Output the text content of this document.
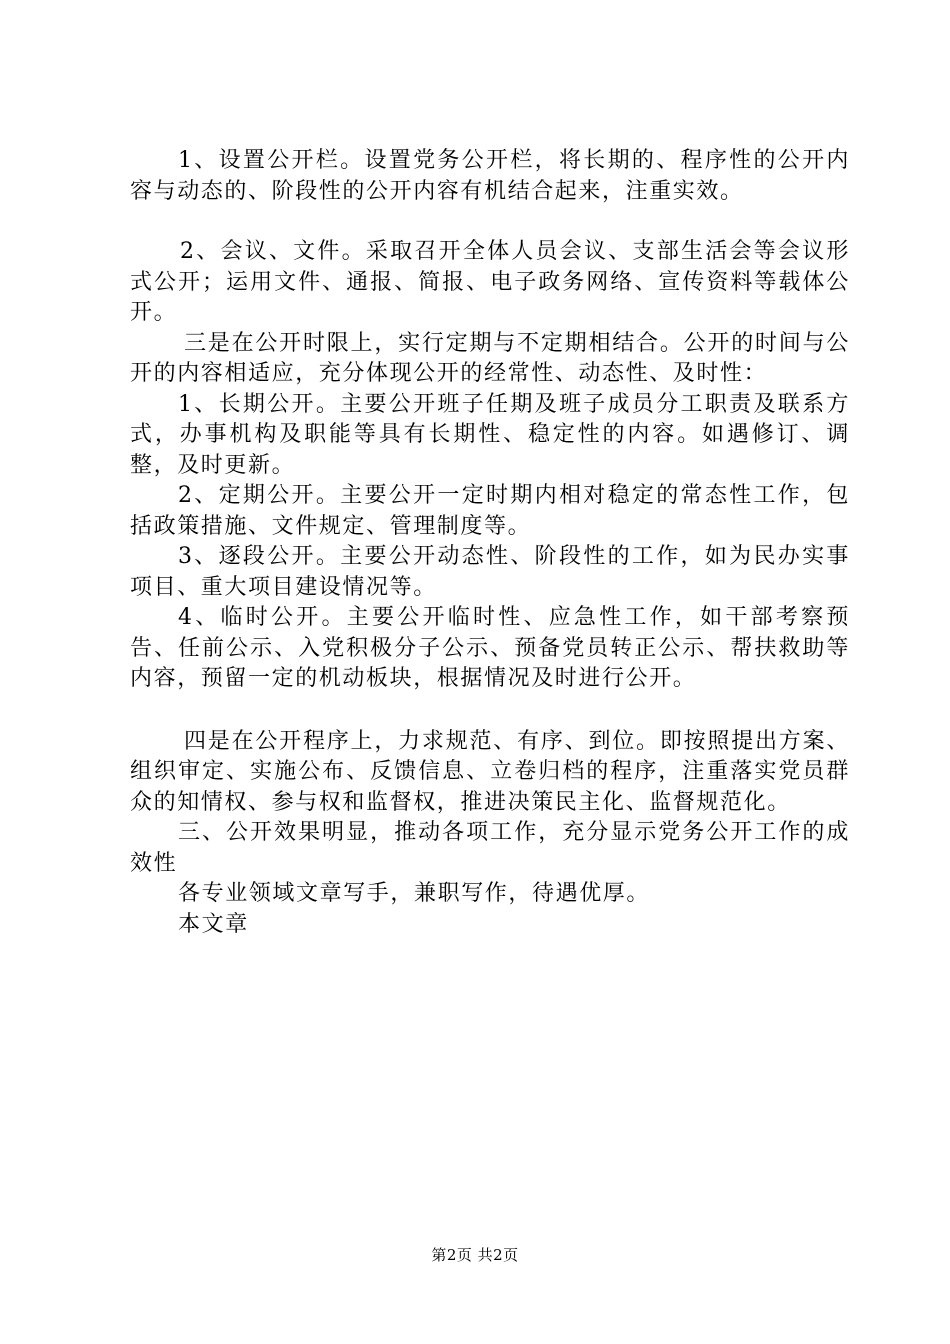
1、设置公开栏。设置党务公开栏，将长期的、程序性的公开内容与动态的、阶段性的公开内容有机结合起来，注重实效。

2、会议、文件。采取召开全体人员会议、支部生活会等会议形式公开；运用文件、通报、简报、电子政务网络、宣传资料等载体公开。

三是在公开时限上，实行定期与不定期相结合。公开的时间与公开的内容相适应，充分体现公开的经常性、动态性、及时性：

1、长期公开。主要公开班子任期及班子成员分工职责及联系方式，办事机构及职能等具有长期性、稳定性的内容。如遇修订、调整，及时更新。

2、定期公开。主要公开一定时期内相对稳定的常态性工作，包括政策措施、文件规定、管理制度等。

3、逐段公开。主要公开动态性、阶段性的工作，如为民办实事项目、重大项目建设情况等。

4、临时公开。主要公开临时性、应急性工作，如干部考察预告、任前公示、入党积极分子公示、预备党员转正公示、帮扶救助等内容，预留一定的机动板块，根据情况及时进行公开。

四是在公开程序上，力求规范、有序、到位。即按照提出方案、组织审定、实施公布、反馈信息、立卷归档的程序，注重落实党员群众的知情权、参与权和监督权，推进决策民主化、监督规范化。

三、公开效果明显，推动各项工作，充分显示党务公开工作的成效性

各专业领域文章写手，兼职写作，待遇优厚。

本文章

第2页 共2页
